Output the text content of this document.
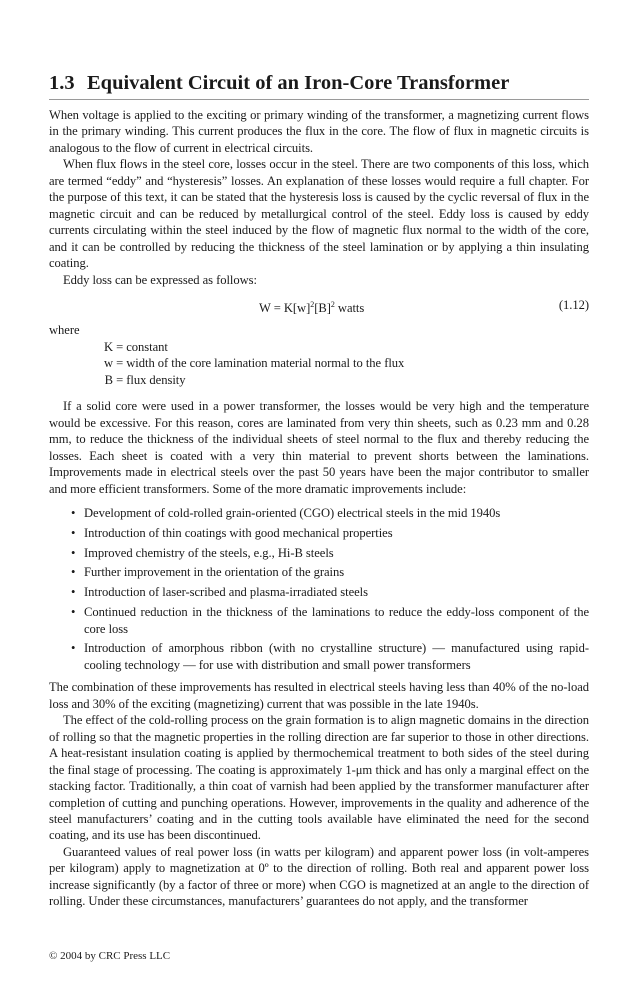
1.3 Equivalent Circuit of an Iron-Core Transformer

When voltage is applied to the exciting or primary winding of the transformer, a magnetizing current flows in the primary winding. This current produces the flux in the core. The flow of flux in magnetic circuits is analogous to the flow of current in electrical circuits.

When flux flows in the steel core, losses occur in the steel. There are two components of this loss, which are termed “eddy” and “hysteresis” losses. An explanation of these losses would require a full chapter. For the purpose of this text, it can be stated that the hysteresis loss is caused by the cyclic reversal of flux in the magnetic circuit and can be reduced by metallurgical control of the steel. Eddy loss is caused by eddy currents circulating within the steel induced by the flow of magnetic flux normal to the width of the core, and it can be controlled by reducing the thickness of the steel lamination or by applying a thin insulating coating.

Eddy loss can be expressed as follows:

$W = K[w]^2[B]^2$ watts	(1.12)

where

K = constant
w = width of the core lamination material normal to the flux
B = flux density

If a solid core were used in a power transformer, the losses would be very high and the temperature would be excessive. For this reason, cores are laminated from very thin sheets, such as 0.23 mm and 0.28 mm, to reduce the thickness of the individual sheets of steel normal to the flux and thereby reducing the losses. Each sheet is coated with a very thin material to prevent shorts between the laminations. Improvements made in electrical steels over the past 50 years have been the major contributor to smaller and more efficient transformers. Some of the more dramatic improvements include:

• Development of cold-rolled grain-oriented (CGO) electrical steels in the mid 1940s
• Introduction of thin coatings with good mechanical properties
• Improved chemistry of the steels, e.g., Hi-B steels
• Further improvement in the orientation of the grains
• Introduction of laser-scribed and plasma-irradiated steels
• Continued reduction in the thickness of the laminations to reduce the eddy-loss component of the core loss
• Introduction of amorphous ribbon (with no crystalline structure) — manufactured using rapid-cooling technology — for use with distribution and small power transformers

The combination of these improvements has resulted in electrical steels having less than 40% of the no-load loss and 30% of the exciting (magnetizing) current that was possible in the late 1940s.

The effect of the cold-rolling process on the grain formation is to align magnetic domains in the direction of rolling so that the magnetic properties in the rolling direction are far superior to those in other directions. A heat-resistant insulation coating is applied by thermochemical treatment to both sides of the steel during the final stage of processing. The coating is approximately 1-μm thick and has only a marginal effect on the stacking factor. Traditionally, a thin coat of varnish had been applied by the transformer manufacturer after completion of cutting and punching operations. However, improvements in the quality and adherence of the steel manufacturers’ coating and in the cutting tools available have eliminated the need for the second coating, and its use has been discontinued.

Guaranteed values of real power loss (in watts per kilogram) and apparent power loss (in volt-amperes per kilogram) apply to magnetization at 0º to the direction of rolling. Both real and apparent power loss increase significantly (by a factor of three or more) when CGO is magnetized at an angle to the direction of rolling. Under these circumstances, manufacturers’ guarantees do not apply, and the transformer

© 2004 by CRC Press LLC
